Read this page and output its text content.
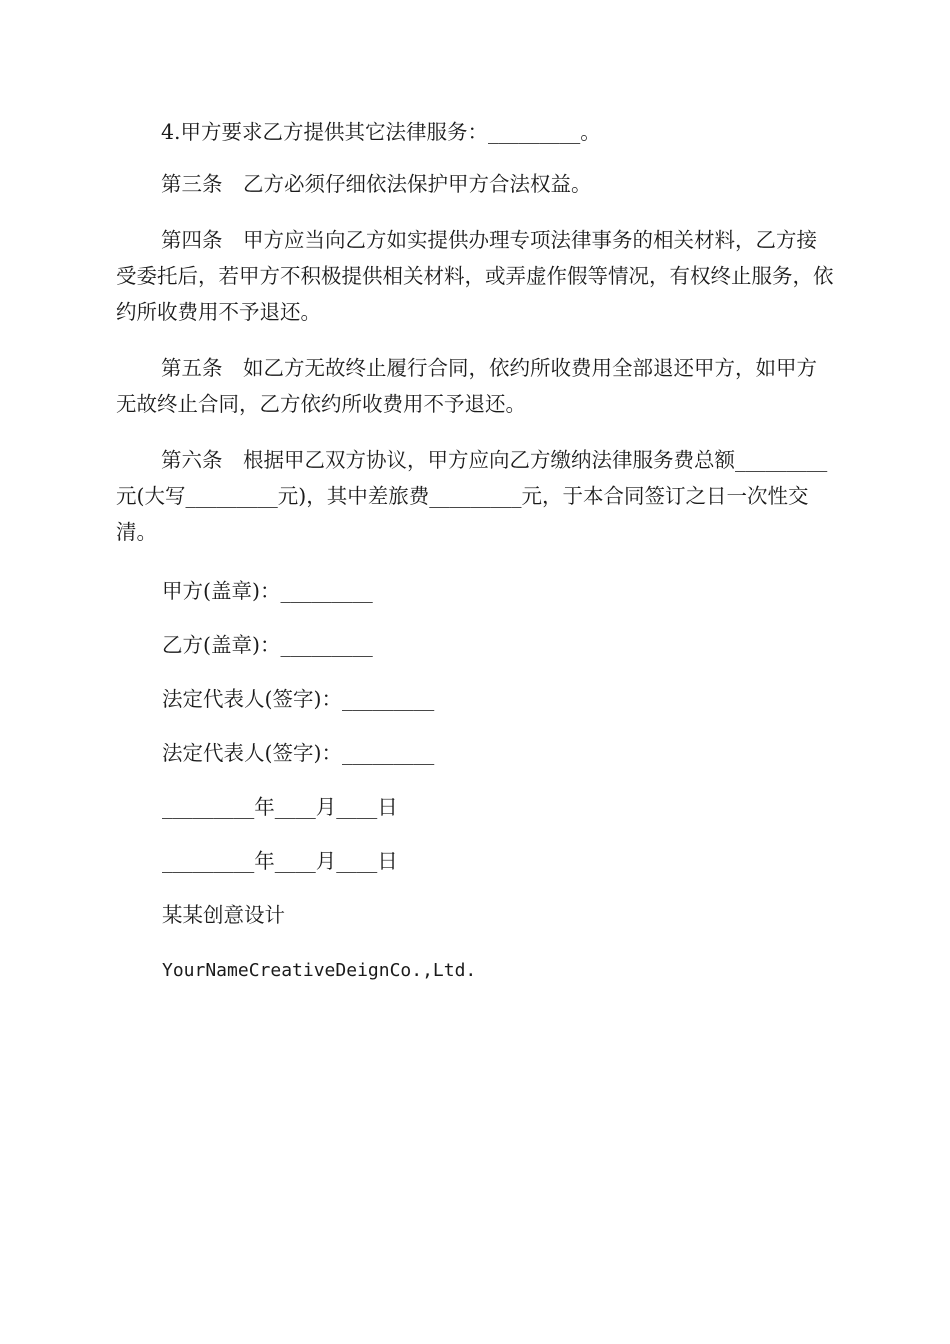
4.甲方要求乙方提供其它法律服务：_________。

第三条　乙方必须仔细依法保护甲方合法权益。

第四条　甲方应当向乙方如实提供办理专项法律事务的相关材料，乙方接受委托后，若甲方不积极提供相关材料，或弄虚作假等情况，有权终止服务，依约所收费用不予退还。

第五条　如乙方无故终止履行合同，依约所收费用全部退还甲方，如甲方无故终止合同，乙方依约所收费用不予退还。

第六条　根据甲乙双方协议，甲方应向乙方缴纳法律服务费总额_________元(大写_________元)，其中差旅费_________元，于本合同签订之日一次性交清。

甲方(盖章)：_________

乙方(盖章)：_________

法定代表人(签字)：_________

法定代表人(签字)：_________

_________年____月____日

_________年____月____日

某某创意设计

YourNameCreativeDeignCo.,Ltd.
